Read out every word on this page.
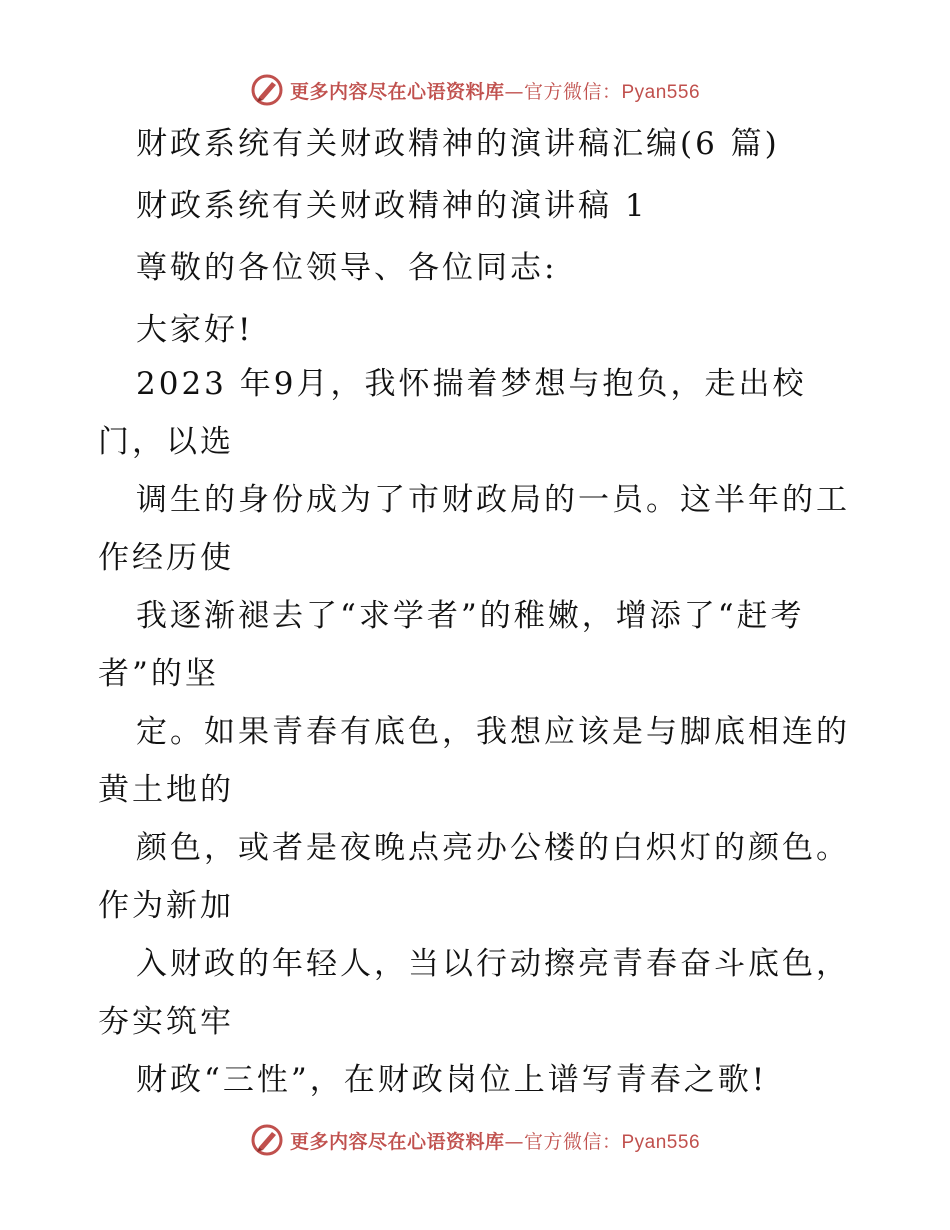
更多内容尽在心语资料库—官方微信：Pyan556
财政系统有关财政精神的演讲稿汇编(6 篇)
财政系统有关财政精神的演讲稿 1
尊敬的各位领导、各位同志:
大家好!
2023 年9月，我怀揣着梦想与抱负，走出校
门，以选
调生的身份成为了市财政局的一员。这半年的工
作经历使
我逐渐褪去了“求学者”的稚嫩，增添了“赶考
者”的坚
定。如果青春有底色，我想应该是与脚底相连的
黄土地的
颜色，或者是夜晚点亮办公楼的白炽灯的颜色。
作为新加
入财政的年轻人，当以行动擦亮青春奋斗底色，
夯实筑牢
财政“三性”，在财政岗位上谱写青春之歌!
更多内容尽在心语资料库—官方微信：Pyan556
